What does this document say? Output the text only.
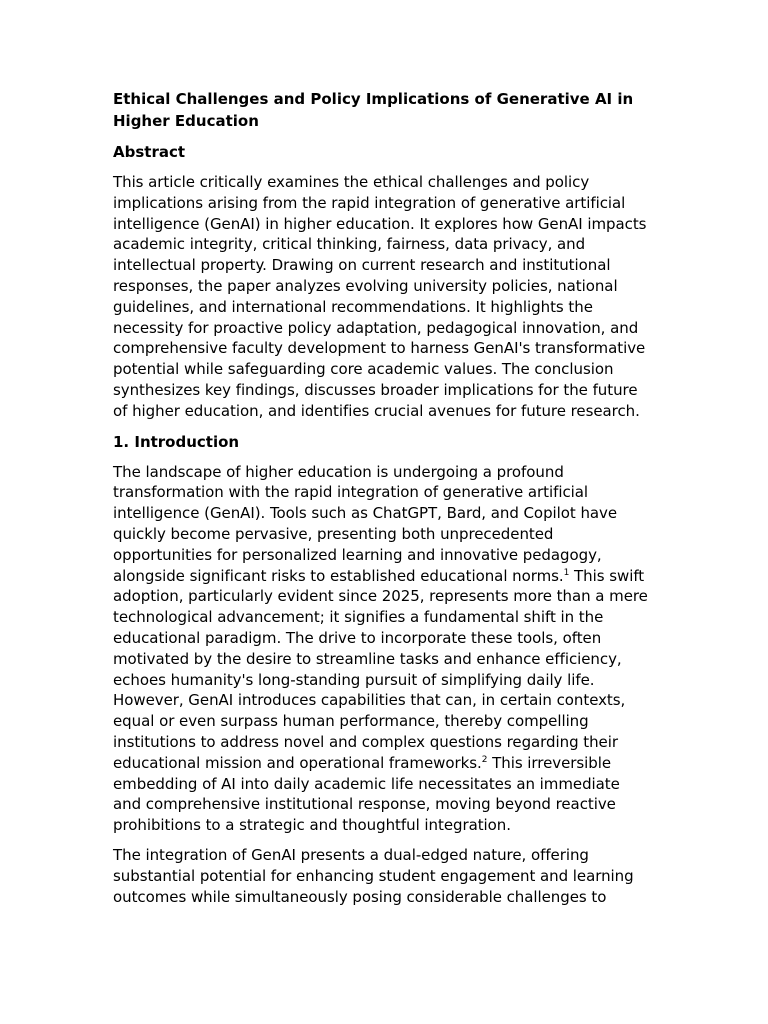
Ethical Challenges and Policy Implications of Generative AI in
Higher Education
Abstract
This article critically examines the ethical challenges and policy
implications arising from the rapid integration of generative artificial
intelligence (GenAI) in higher education. It explores how GenAI impacts
academic integrity, critical thinking, fairness, data privacy, and
intellectual property. Drawing on current research and institutional
responses, the paper analyzes evolving university policies, national
guidelines, and international recommendations. It highlights the
necessity for proactive policy adaptation, pedagogical innovation, and
comprehensive faculty development to harness GenAI's transformative
potential while safeguarding core academic values. The conclusion
synthesizes key findings, discusses broader implications for the future
of higher education, and identifies crucial avenues for future research.
1. Introduction
The landscape of higher education is undergoing a profound
transformation with the rapid integration of generative artificial
intelligence (GenAI). Tools such as ChatGPT, Bard, and Copilot have
quickly become pervasive, presenting both unprecedented
opportunities for personalized learning and innovative pedagogy,
alongside significant risks to established educational norms.$^1$ This swift
adoption, particularly evident since 2025, represents more than a mere
technological advancement; it signifies a fundamental shift in the
educational paradigm. The drive to incorporate these tools, often
motivated by the desire to streamline tasks and enhance efficiency,
echoes humanity's long-standing pursuit of simplifying daily life.
However, GenAI introduces capabilities that can, in certain contexts,
equal or even surpass human performance, thereby compelling
institutions to address novel and complex questions regarding their
educational mission and operational frameworks.$^2$ This irreversible
embedding of AI into daily academic life necessitates an immediate
and comprehensive institutional response, moving beyond reactive
prohibitions to a strategic and thoughtful integration.
The integration of GenAI presents a dual-edged nature, offering
substantial potential for enhancing student engagement and learning
outcomes while simultaneously posing considerable challenges to
